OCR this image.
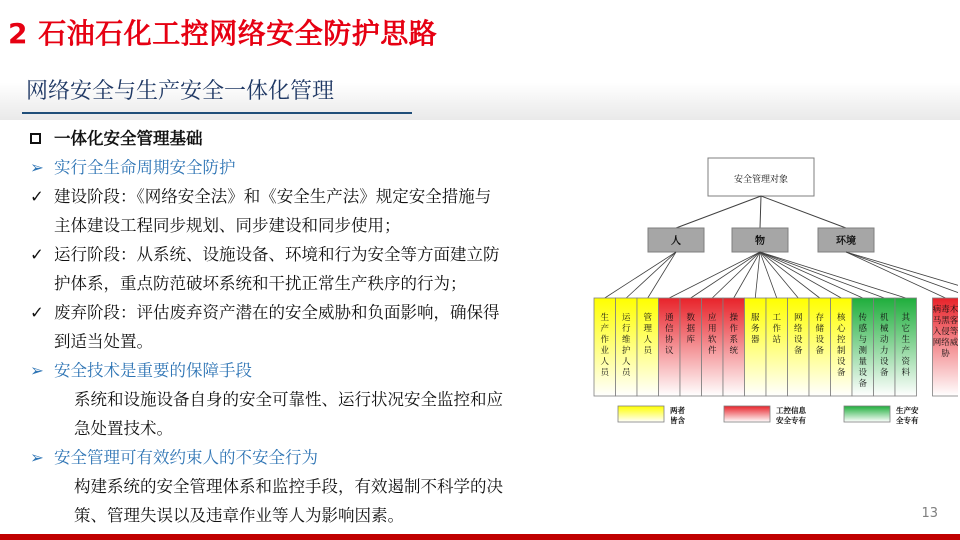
2 石油石化工控网络安全防护思路
网络安全与生产安全一体化管理
一体化安全管理基础
➢ 实行全生命周期安全防护
✓ 建设阶段：《网络安全法》和《安全生产法》规定安全措施与
主体建设工程同步规划、同步建设和同步使用；
✓ 运行阶段：从系统、设施设备、环境和行为安全等方面建立防
护体系，重点防范破坏系统和干扰正常生产秩序的行为；
✓ 废弃阶段：评估废弃资产潜在的安全威胁和负面影响，确保得
到适当处置。
➢ 安全技术是重要的保障手段
系统和设施设备自身的安全可靠性、运行状况安全监控和应
急处置技术。
➢ 安全管理可有效约束人的不安全行为
构建系统的安全管理体系和监控手段，有效遏制不科学的决
策、管理失误以及违章作业等人为影响因素。
安全管理对象
人	物	环境
生产作业人员
运行维护人员
管理人员
通信协议
数据库
应用软件
操作系统
服务器
工作站
网络设备
存储设备
核心控制设备
传感与测量设备
机械动力设备
其它生产资料
病毒木马黑客入侵等网络威胁
两者皆含
工控信息安全专有
生产安全专有
13
